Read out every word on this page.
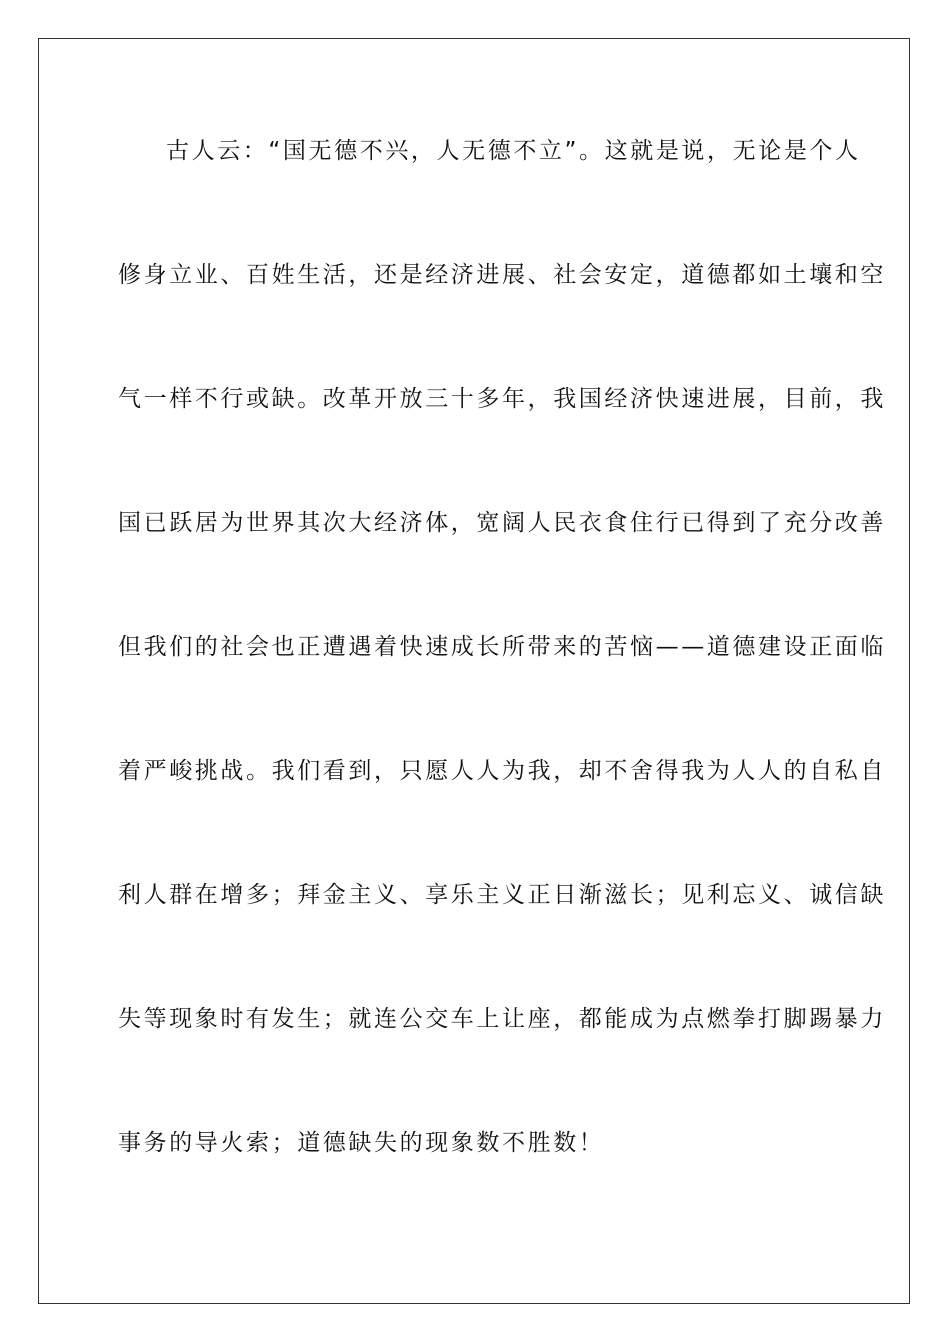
古人云：“国无德不兴，人无德不立”。这就是说，无论是个人
修身立业、百姓生活，还是经济进展、社会安定，道德都如土壤和空
气一样不行或缺。改革开放三十多年，我国经济快速进展，目前，我
国已跃居为世界其次大经济体，宽阔人民衣食住行已得到了充分改善
但我们的社会也正遭遇着快速成长所带来的苦恼——道德建设正面临
着严峻挑战。我们看到，只愿人人为我，却不舍得我为人人的自私自
利人群在增多；拜金主义、享乐主义正日渐滋长；见利忘义、诚信缺
失等现象时有发生；就连公交车上让座，都能成为点燃拳打脚踢暴力
事务的导火索；道德缺失的现象数不胜数！
